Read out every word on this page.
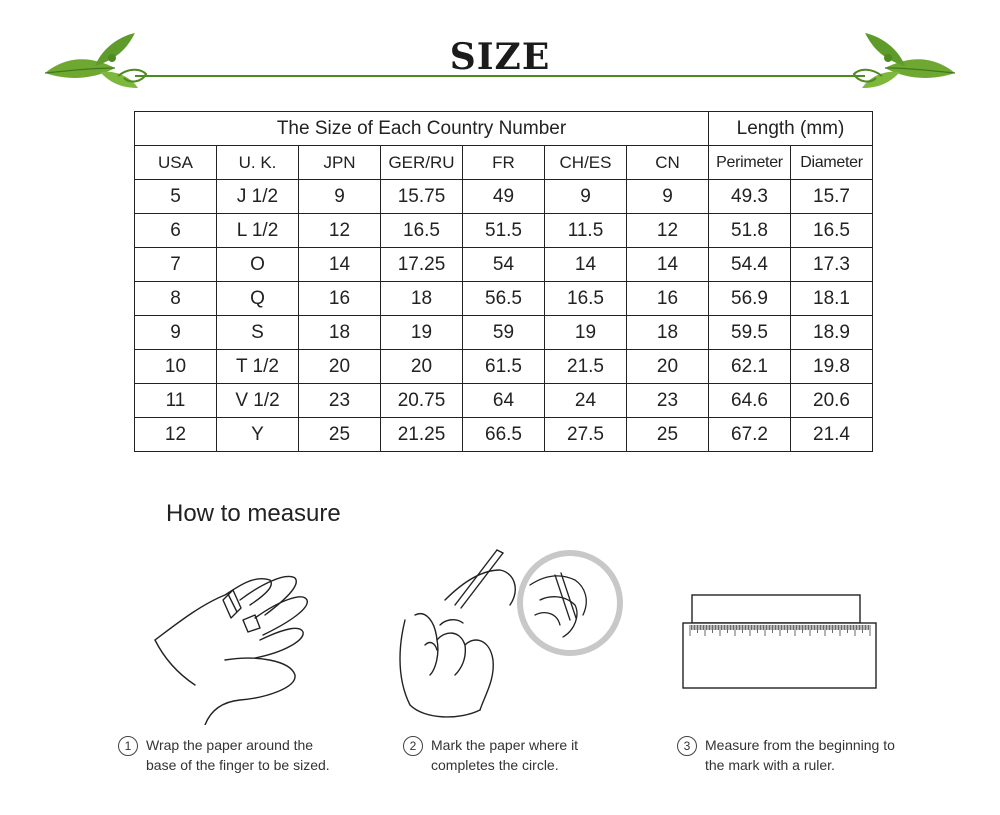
SIZE
The Size of Each Country Number							Length (mm)	
USA	U. K.	JPN	GER/RU	FR	CH/ES	CN	Perimeter	Diameter
5	J 1/2	9	15.75	49	9	9	49.3	15.7
6	L 1/2	12	16.5	51.5	11.5	12	51.8	16.5
7	O	14	17.25	54	14	14	54.4	17.3
8	Q	16	18	56.5	16.5	16	56.9	18.1
9	S	18	19	59	19	18	59.5	18.9
10	T 1/2	20	20	61.5	21.5	20	62.1	19.8
11	V 1/2	23	20.75	64	24	23	64.6	20.6
12	Y	25	21.25	66.5	27.5	25	67.2	21.4
How to measure
1	Wrap the paper around the
base of the finger to be sized.
2	Mark the paper where it
completes the circle.
3	Measure from the beginning to
the mark with a ruler.
